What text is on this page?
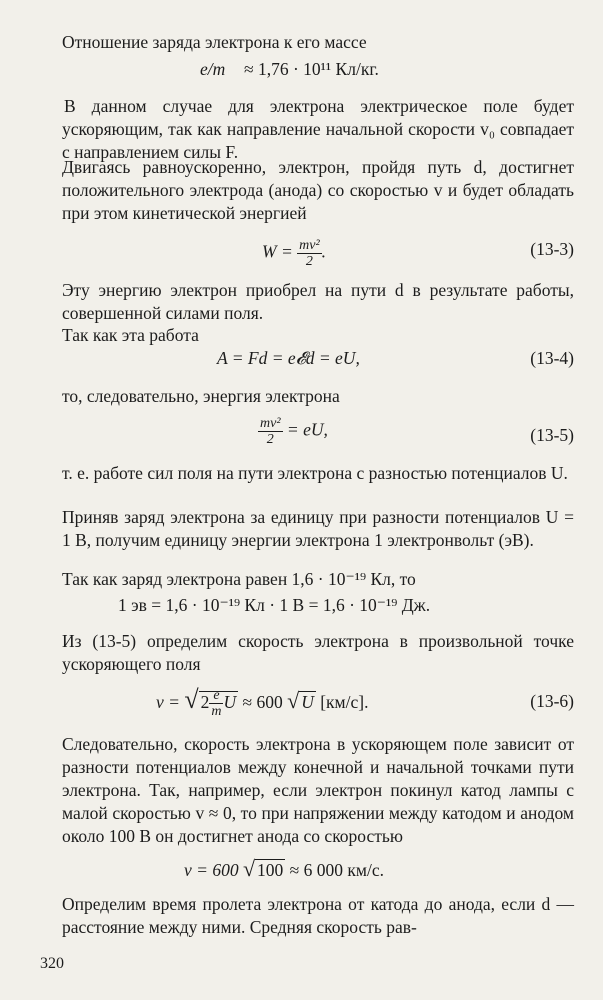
Отношение заряда электрона к его массе

e/m ≈ 1,76 · 10¹¹ Кл/кг.

В данном случае для электрона электрическое поле будет ускоряющим, так как направление начальной скорости v₀ совпадает с направлением силы F.

Двигаясь равноускоренно, электрон, пройдя путь d, достигнет положительного электрода (анода) со скоростью v и будет обладать при этом кинетической энергией

$W = \frac{\text{mv²}}{2}$ .	(13-3)

Эту энергию электрон приобрел на пути d в результате работы, совершенной силами поля.

Так как эта работа

A = Fd = e𝓔d = eU,	(13-4)

то, следовательно, энергия электрона

$\frac{\text{mv²}}{2}$ = eU,	(13-5)

т. е. работе сил поля на пути электрона с разностью потенциалов U.

Приняв заряд электрона за единицу при разности потенциалов U = 1 В, получим единицу энергии электрона 1 электронвольт (эВ).

Так как заряд электрона равен 1,6 · 10⁻¹⁹ Кл, то

1 эв = 1,6 · 10⁻¹⁹ Кл · 1 В = 1,6 · 10⁻¹⁹ Дж.

Из (13-5) определим скорость электрона в произвольной точке ускоряющего поля

v = √ $2 \frac{e}{m}$ U ≈ 600 √ U [км/с].	(13-6)

Следовательно, скорость электрона в ускоряющем поле зависит от разности потенциалов между конечной и начальной точками пути электрона. Так, например, если электрон покинул катод лампы с малой скоростью v ≈ 0, то при напряжении между катодом и анодом около 100 В он достигнет анода со скоростью

v = 600 √ 100 ≈ 6 000 км/с.

Определим время пролета электрона от катода до анода, если d — расстояние между ними. Средняя скорость рав-

320
